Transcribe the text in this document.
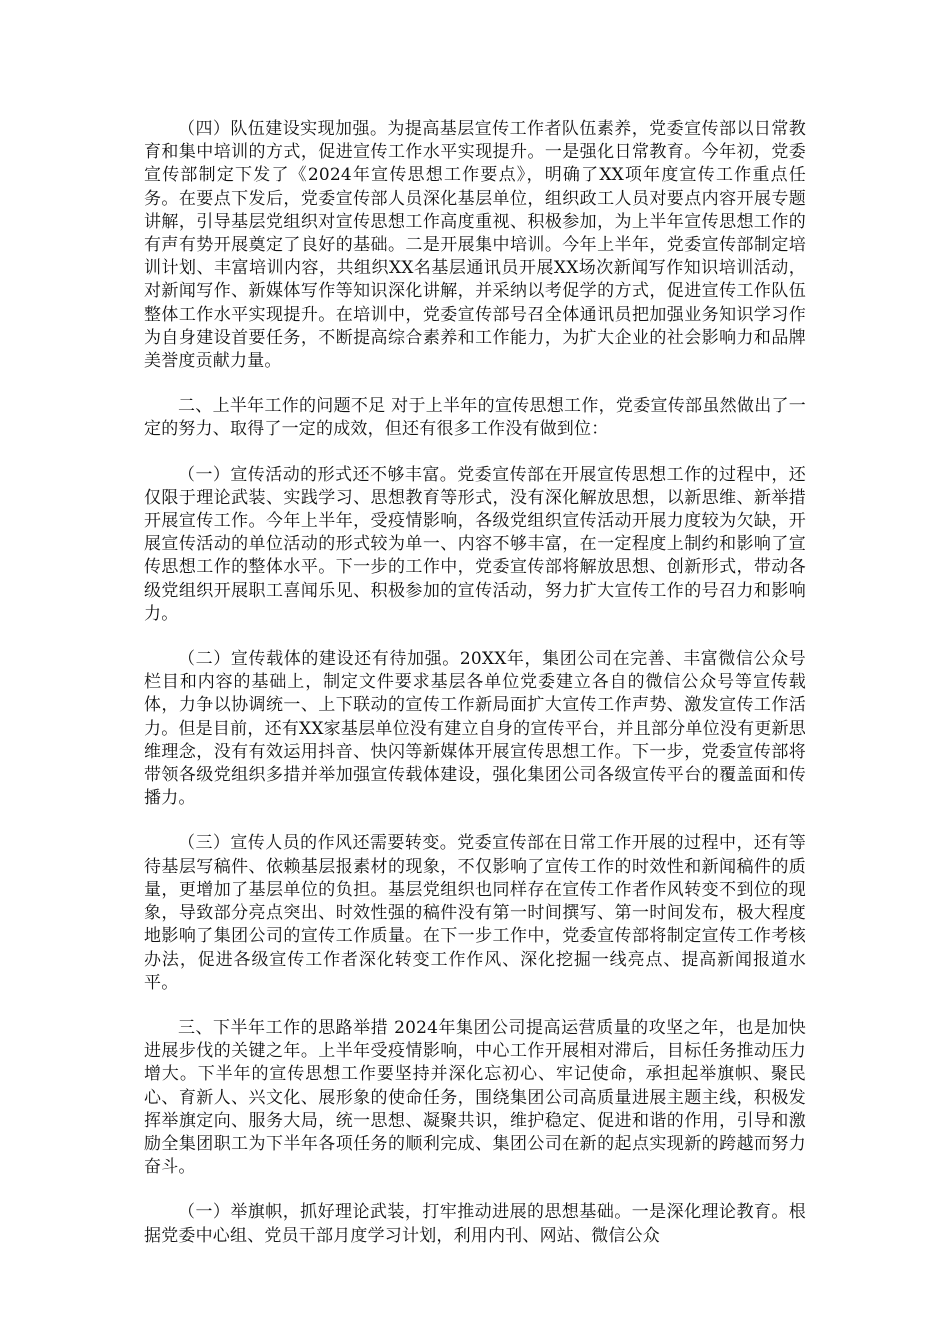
（四）队伍建设实现加强。为提高基层宣传工作者队伍素养，党委宣传部以日常教育和集中培训的方式，促进宣传工作水平实现提升。一是强化日常教育。今年初，党委宣传部制定下发了《2024年宣传思想工作要点》，明确了XX项年度宣传工作重点任务。在要点下发后，党委宣传部人员深化基层单位，组织政工人员对要点内容开展专题讲解，引导基层党组织对宣传思想工作高度重视、积极参加，为上半年宣传思想工作的有声有势开展奠定了良好的基础。二是开展集中培训。今年上半年，党委宣传部制定培训计划、丰富培训内容，共组织XX名基层通讯员开展XX场次新闻写作知识培训活动，对新闻写作、新媒体写作等知识深化讲解，并采纳以考促学的方式，促进宣传工作队伍整体工作水平实现提升。在培训中，党委宣传部号召全体通讯员把加强业务知识学习作为自身建设首要任务，不断提高综合素养和工作能力，为扩大企业的社会影响力和品牌美誉度贡献力量。

二、上半年工作的问题不足 对于上半年的宣传思想工作，党委宣传部虽然做出了一定的努力、取得了一定的成效，但还有很多工作没有做到位：

（一）宣传活动的形式还不够丰富。党委宣传部在开展宣传思想工作的过程中，还仅限于理论武装、实践学习、思想教育等形式，没有深化解放思想，以新思维、新举措开展宣传工作。今年上半年，受疫情影响，各级党组织宣传活动开展力度较为欠缺，开展宣传活动的单位活动的形式较为单一、内容不够丰富，在一定程度上制约和影响了宣传思想工作的整体水平。下一步的工作中，党委宣传部将解放思想、创新形式，带动各级党组织开展职工喜闻乐见、积极参加的宣传活动，努力扩大宣传工作的号召力和影响力。

（二）宣传载体的建设还有待加强。20XX年，集团公司在完善、丰富微信公众号栏目和内容的基础上，制定文件要求基层各单位党委建立各自的微信公众号等宣传载体，力争以协调统一、上下联动的宣传工作新局面扩大宣传工作声势、激发宣传工作活力。但是目前，还有XX家基层单位没有建立自身的宣传平台，并且部分单位没有更新思维理念，没有有效运用抖音、快闪等新媒体开展宣传思想工作。下一步，党委宣传部将带领各级党组织多措并举加强宣传载体建设，强化集团公司各级宣传平台的覆盖面和传播力。

（三）宣传人员的作风还需要转变。党委宣传部在日常工作开展的过程中，还有等待基层写稿件、依赖基层报素材的现象，不仅影响了宣传工作的时效性和新闻稿件的质量，更增加了基层单位的负担。基层党组织也同样存在宣传工作者作风转变不到位的现象，导致部分亮点突出、时效性强的稿件没有第一时间撰写、第一时间发布，极大程度地影响了集团公司的宣传工作质量。在下一步工作中，党委宣传部将制定宣传工作考核办法，促进各级宣传工作者深化转变工作作风、深化挖掘一线亮点、提高新闻报道水平。

三、下半年工作的思路举措 2024年集团公司提高运营质量的攻坚之年，也是加快进展步伐的关键之年。上半年受疫情影响，中心工作开展相对滞后，目标任务推动压力增大。下半年的宣传思想工作要坚持并深化忘初心、牢记使命，承担起举旗帜、聚民心、育新人、兴文化、展形象的使命任务，围绕集团公司高质量进展主题主线，积极发挥举旗定向、服务大局，统一思想、凝聚共识，维护稳定、促进和谐的作用，引导和激励全集团职工为下半年各项任务的顺利完成、集团公司在新的起点实现新的跨越而努力奋斗。

（一）举旗帜，抓好理论武装，打牢推动进展的思想基础。一是深化理论教育。根据党委中心组、党员干部月度学习计划，利用内刊、网站、微信公众
